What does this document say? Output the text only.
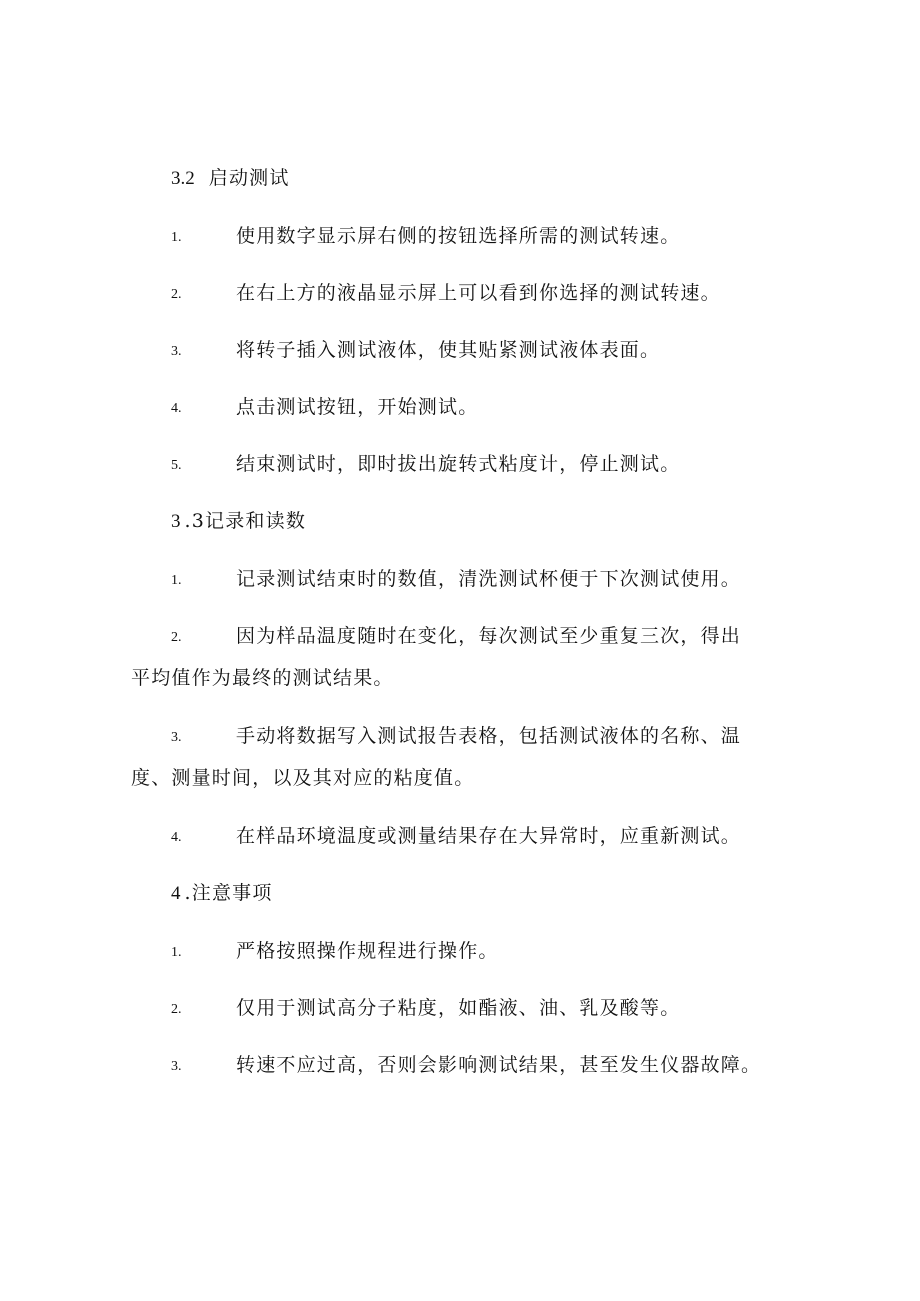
3.2 启动测试
1.	使用数字显示屏右侧的按钮选择所需的测试转速。
2.	在右上方的液晶显示屏上可以看到你选择的测试转速。
3.	将转子插入测试液体，使其贴紧测试液体表面。
4.	点击测试按钮，开始测试。
5.	结束测试时，即时拔出旋转式粘度计，停止测试。
3 .3记录和读数
1.	记录测试结束时的数值，清洗测试杯便于下次测试使用。
2.	因为样品温度随时在变化，每次测试至少重复三次，得出
平均值作为最终的测试结果。
3.	手动将数据写入测试报告表格，包括测试液体的名称、温
度、测量时间，以及其对应的粘度值。
4.	在样品环境温度或测量结果存在大异常时，应重新测试。
4 .注意事项
1.	严格按照操作规程进行操作。
2.	仅用于测试高分子粘度，如酯液、油、乳及酸等。
3.	转速不应过高，否则会影响测试结果，甚至发生仪器故障。
